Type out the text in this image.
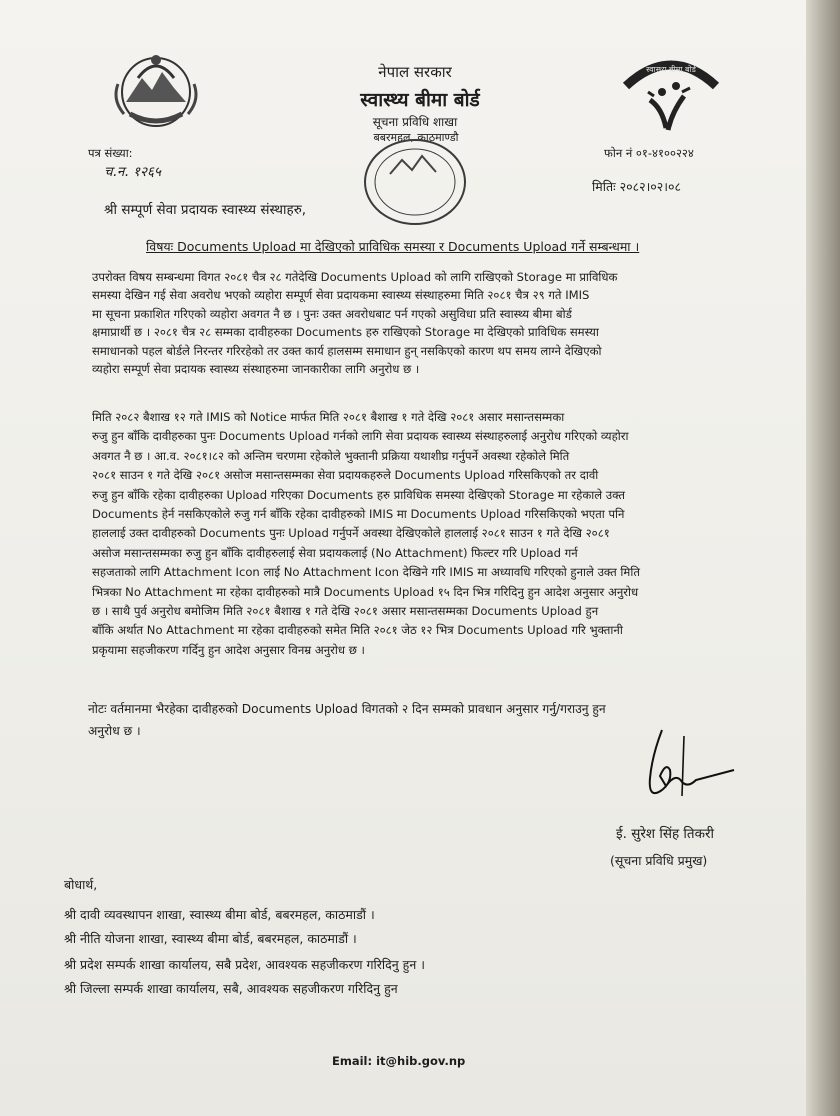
नेपाल सरकार
स्वास्थ्य बीमा बोर्ड
सूचना प्रविधि शाखा
बबरमहल, काठमाण्डौ
स्वास्थ्य बीमा बोर्ड
पत्र संख्या:
च.न. १२६५
फोन नं ०१-४१००२२४
मितिः २०८२।०२।०८
श्री सम्पूर्ण सेवा प्रदायक स्वास्थ्य संस्थाहरु,
विषयः Documents Upload मा देखिएको प्राविधिक समस्या र Documents Upload गर्ने सम्बन्धमा ।
उपरोक्त विषय सम्बन्धमा विगत २०८१ चैत्र २८ गतेदेखि Documents Upload को लागि राखिएको Storage मा प्राविधिक
समस्या देखिन गई सेवा अवरोध भएको व्यहोरा सम्पूर्ण सेवा प्रदायकमा स्वास्थ्य संस्थाहरुमा मिति २०८१ चैत्र २९ गते IMIS
मा सूचना प्रकाशित गरिएको व्यहोरा अवगत नै छ । पुनः उक्त अवरोधबाट पर्न गएको असुविधा प्रति स्वास्थ्य बीमा बोर्ड
क्षमाप्रार्थी छ । २०८१ चैत्र २८ सम्मका दावीहरुका Documents हरु राखिएको Storage मा देखिएको प्राविधिक समस्या
समाधानको पहल बोर्डले निरन्तर गरिरहेको तर उक्त कार्य हालसम्म समाधान हुन् नसकिएको कारण थप समय लाग्ने देखिएको
व्यहोरा सम्पूर्ण सेवा प्रदायक स्वास्थ्य संस्थाहरुमा जानकारीका लागि अनुरोध छ ।
मिति २०८२ बैशाख १२ गते IMIS को Notice मार्फत मिति २०८१ बैशाख १ गते देखि २०८१ असार मसान्तसम्मका
रुजु हुन बाँकि दावीहरुका पुनः Documents Upload गर्नको लागि सेवा प्रदायक स्वास्थ्य संस्थाहरुलाई अनुरोध गरिएको व्यहोरा
अवगत नै छ । आ.व. २०८१।८२ को अन्तिम चरणमा रहेकोले भुक्तानी प्रक्रिया यथाशीघ्र गर्नुपर्ने अवस्था रहेकोले मिति
२०८१ साउन १ गते देखि २०८१ असोज मसान्तसम्मका सेवा प्रदायकहरुले Documents Upload गरिसकिएको तर दावी
रुजु हुन बाँकि रहेका दावीहरुका Upload गरिएका Documents हरु प्राविधिक समस्या देखिएको Storage मा रहेकाले उक्त
Documents हेर्न नसकिएकोले रुजु गर्न बाँकि रहेका दावीहरुको IMIS मा Documents Upload गरिसकिएको भएता पनि
हाललाई उक्त दावीहरुको Documents पुनः Upload गर्नुपर्ने अवस्था देखिएकोले हाललाई २०८१ साउन १ गते देखि २०८१
असोज मसान्तसम्मका रुजु हुन बाँकि दावीहरुलाई सेवा प्रदायकलाई (No Attachment) फिल्टर गरि Upload गर्न
सहजताको लागि Attachment Icon लाई No Attachment Icon देखिने गरि IMIS मा अध्यावधि गरिएको हुनाले उक्त मिति
भित्रका No Attachment मा रहेका दावीहरुको मात्रै Documents Upload १५ दिन भित्र गरिदिनु हुन आदेश अनुसार अनुरोध
छ । साथै पुर्व अनुरोध बमोजिम मिति २०८१ बैशाख १ गते देखि २०८१ असार मसान्तसम्मका Documents Upload हुन
बाँकि अर्थात No Attachment मा रहेका दावीहरुको समेत मिति २०८१ जेठ १२ भित्र Documents Upload गरि भुक्तानी
प्रकृयामा सहजीकरण गर्दिनु हुन आदेश अनुसार विनम्र अनुरोध छ ।
नोटः वर्तमानमा भैरहेका दावीहरुको Documents Upload विगतको २ दिन सम्मको प्रावधान अनुसार गर्नु/गराउनु हुन
अनुरोध छ ।
ई. सुरेश सिंह तिकरी
(सूचना प्रविधि प्रमुख)
बोधार्थ,
श्री दावी व्यवस्थापन शाखा, स्वास्थ्य बीमा बोर्ड, बबरमहल, काठमाडौं ।
श्री नीति योजना शाखा, स्वास्थ्य बीमा बोर्ड, बबरमहल, काठमाडौं ।
श्री प्रदेश सम्पर्क शाखा कार्यालय, सबै प्रदेश, आवश्यक सहजीकरण गरिदिनु हुन ।
श्री जिल्ला सम्पर्क शाखा कार्यालय, सबै, आवश्यक सहजीकरण गरिदिनु हुन
Email: it@hib.gov.np
